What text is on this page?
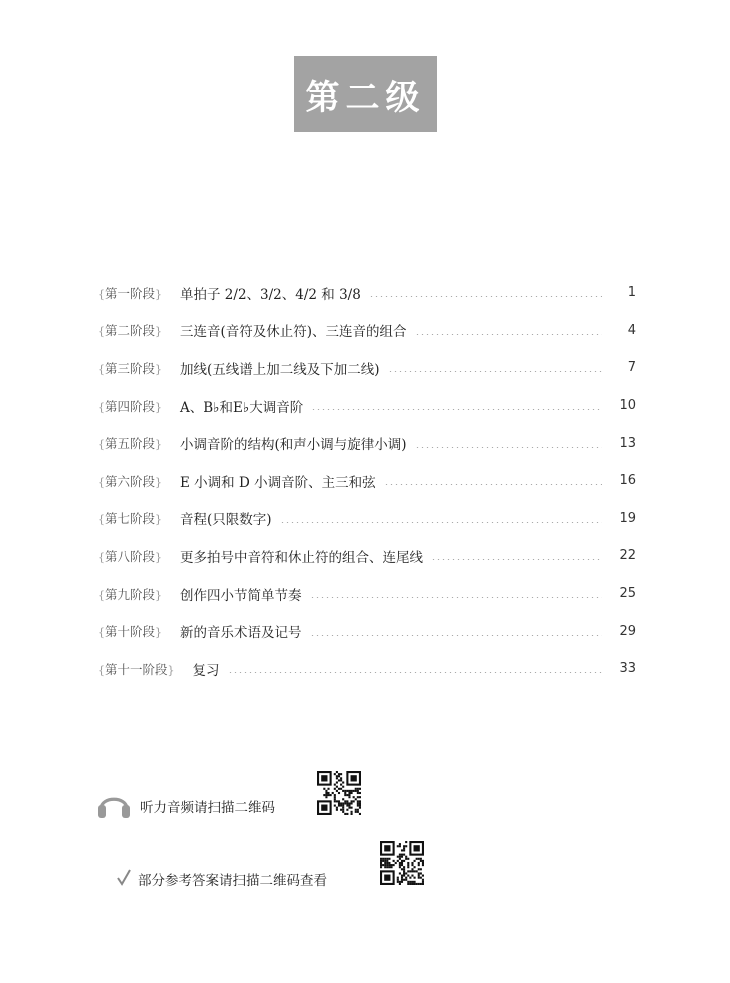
第二级
{第一阶段} 单拍子 2/2、3/2、4/2 和 3/8	1
{第二阶段} 三连音(音符及休止符)、三连音的组合	4
{第三阶段} 加线(五线谱上加二线及下加二线)	7
{第四阶段} A、B♭和E♭大调音阶	10
{第五阶段} 小调音阶的结构(和声小调与旋律小调)	13
{第六阶段} E 小调和 D 小调音阶、主三和弦	16
{第七阶段} 音程(只限数字)	19
{第八阶段} 更多拍号中音符和休止符的组合、连尾线	22
{第九阶段} 创作四小节简单节奏	25
{第十阶段} 新的音乐术语及记号	29
{第十一阶段} 复习	33
听力音频请扫描二维码
部分参考答案请扫描二维码查看
